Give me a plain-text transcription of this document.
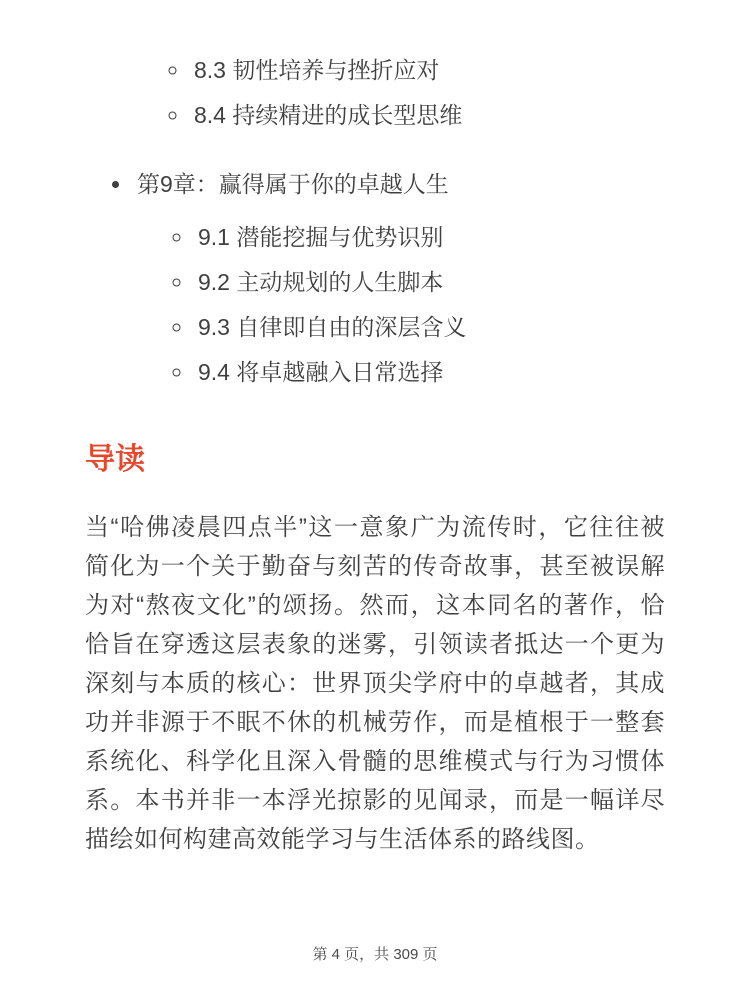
◦ 8.3 韧性培养与挫折应对
◦ 8.4 持续精进的成长型思维
• 第9章：赢得属于你的卓越人生
◦ 9.1 潜能挖掘与优势识别
◦ 9.2 主动规划的人生脚本
◦ 9.3 自律即自由的深层含义
◦ 9.4 将卓越融入日常选择
导读

当“哈佛凌晨四点半”这一意象广为流传时，它往往被简化为一个关于勤奋与刻苦的传奇故事，甚至被误解为对“熬夜文化”的颂扬。然而，这本同名的著作，恰恰旨在穿透这层表象的迷雾，引领读者抵达一个更为深刻与本质的核心：世界顶尖学府中的卓越者，其成功并非源于不眠不休的机械劳作，而是植根于一整套系统化、科学化且深入骨髓的思维模式与行为习惯体系。本书并非一本浮光掠影的见闻录，而是一幅详尽描绘如何构建高效能学习与生活体系的路线图。

第 4 页，共 309 页
